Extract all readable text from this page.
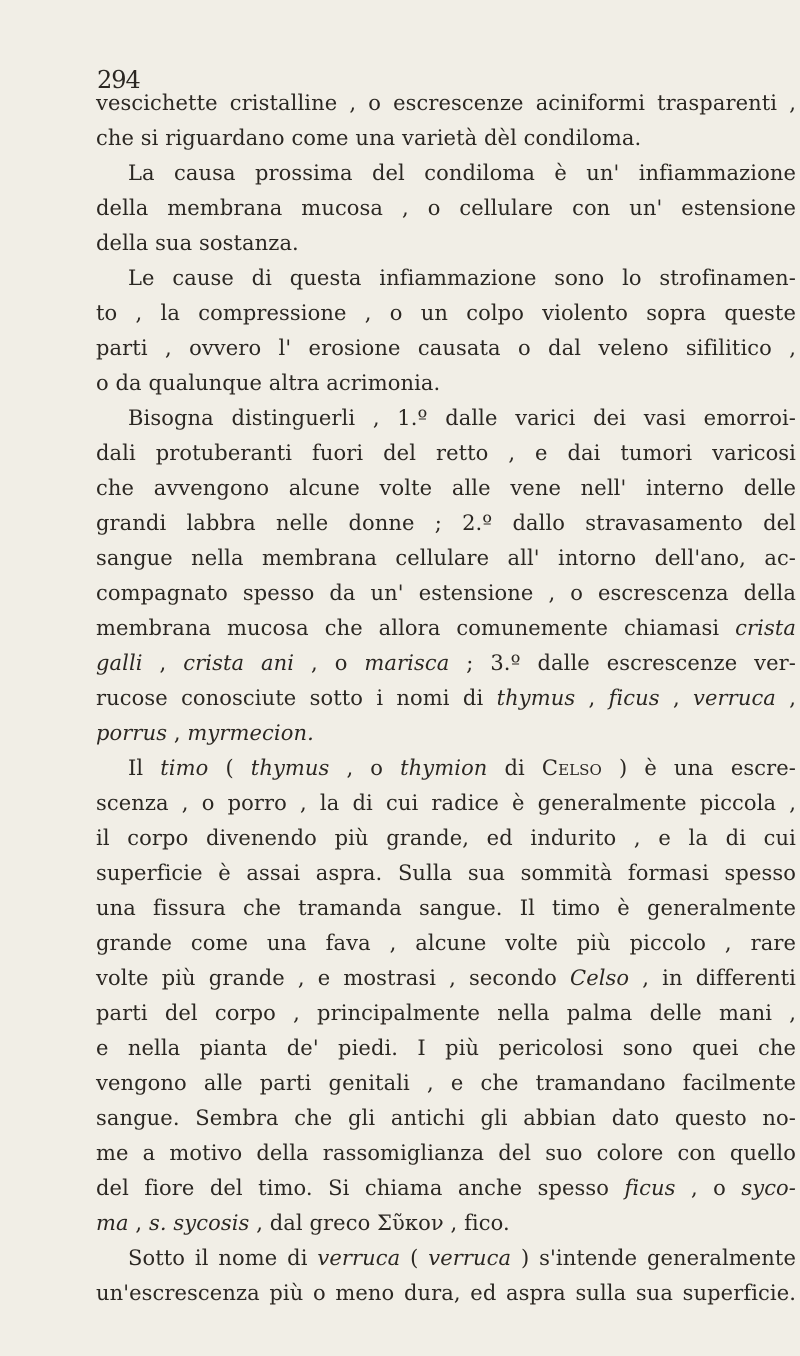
294
vescichette cristalline , o escrescenze aciniformi trasparenti ,
che si riguardano come una varietà dèl condiloma.
La causa prossima del condiloma è un' infiammazione
della membrana mucosa , o cellulare con un' estensione
della sua sostanza.
Le cause di questa infiammazione sono lo strofinamen-
to , la compressione , o un colpo violento sopra queste
parti , ovvero l' erosione causata o dal veleno sifilitico ,
o da qualunque altra acrimonia.
Bisogna distinguerli , 1.º dalle varici dei vasi emorroi-
dali protuberanti fuori del retto , e dai tumori varicosi
che avvengono alcune volte alle vene nell' interno delle
grandi labbra nelle donne ; 2.º dallo stravasamento del
sangue nella membrana cellulare all' intorno dell'ano, ac-
compagnato spesso da un' estensione , o escrescenza della
membrana mucosa che allora comunemente chiamasi crista
galli , crista ani , o marisca ; 3.º dalle escrescenze ver-
rucose conosciute sotto i nomi di thymus , ficus , verruca ,
porrus , myrmecion.
Il timo ( thymus , o thymion di Celso ) è una escre-
scenza , o porro , la di cui radice è generalmente piccola ,
il corpo divenendo più grande, ed indurito , e la di cui
superficie è assai aspra. Sulla sua sommità formasi spesso
una fissura che tramanda sangue. Il timo è generalmente
grande come una fava , alcune volte più piccolo , rare
volte più grande , e mostrasi , secondo Celso , in differenti
parti del corpo , principalmente nella palma delle mani ,
e nella pianta de' piedi. I più pericolosi sono quei che
vengono alle parti genitali , e che tramandano facilmente
sangue. Sembra che gli antichi gli abbian dato questo no-
me a motivo della rassomiglianza del suo colore con quello
del fiore del timo. Si chiama anche spesso ficus , o syco-
ma , s. sycosis , dal greco Σῦκον , fico.
Sotto il nome di verruca ( verruca ) s'intende generalmente
un'escrescenza più o meno dura, ed aspra sulla sua superficie.
